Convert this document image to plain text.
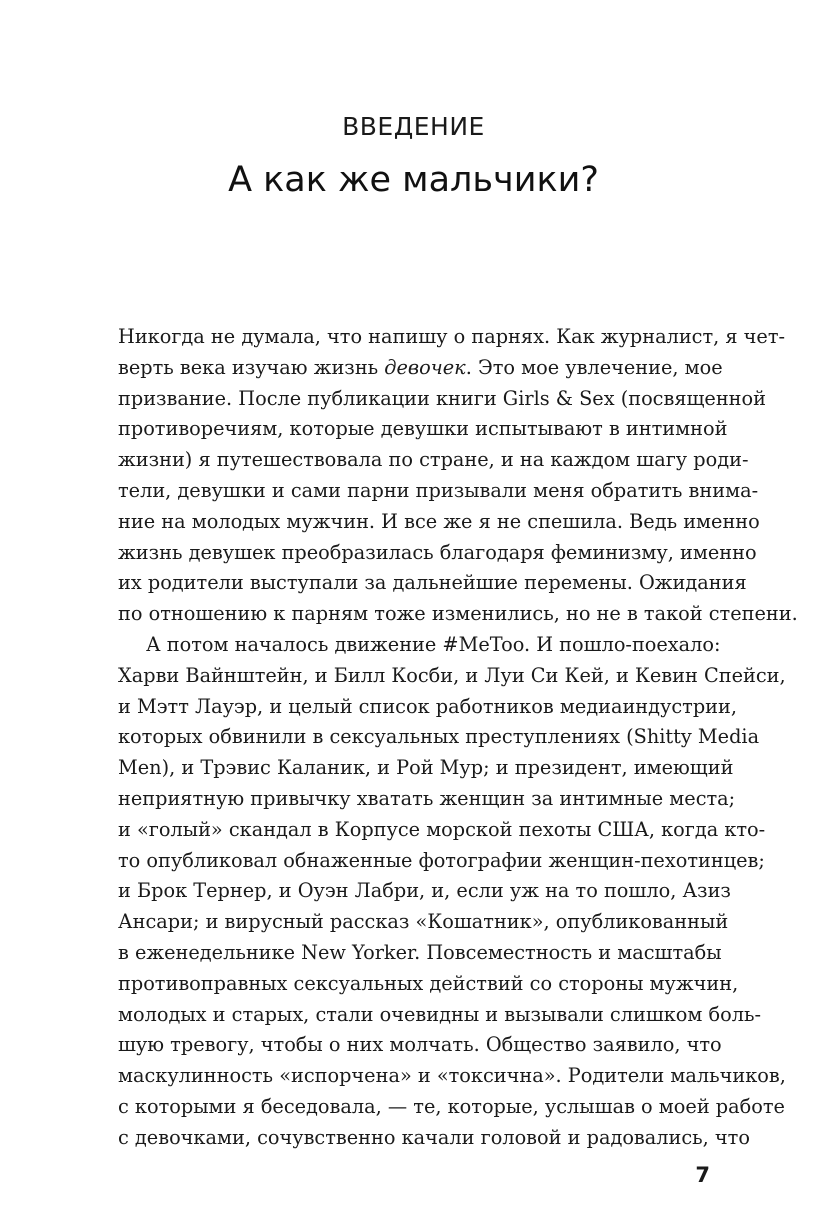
ВВЕДЕНИЕ
А как же мальчики?
Никогда не думала, что напишу о парнях. Как журналист, я чет-
верть века изучаю жизнь девочек. Это мое увлечение, мое
призвание. После публикации книги Girls & Sex (посвященной
противоречиям, которые девушки испытывают в интимной
жизни) я путешествовала по стране, и на каждом шагу роди-
тели, девушки и сами парни призывали меня обратить внима-
ние на молодых мужчин. И все же я не спешила. Ведь именно
жизнь девушек преобразилась благодаря феминизму, именно
их родители выступали за дальнейшие перемены. Ожидания
по отношению к парням тоже изменились, но не в такой степени.
А потом началось движение #MeToo. И пошло-поехало:
Харви Вайнштейн, и Билл Косби, и Луи Си Кей, и Кевин Спейси,
и Мэтт Лауэр, и целый список работников медиаиндустрии,
которых обвинили в сексуальных преступлениях (Shitty Media
Men), и Трэвис Каланик, и Рой Мур; и президент, имеющий
неприятную привычку хватать женщин за интимные места;
и «голый» скандал в Корпусе морской пехоты США, когда кто-
то опубликовал обнаженные фотографии женщин-пехотинцев;
и Брок Тернер, и Оуэн Лабри, и, если уж на то пошло, Азиз
Ансари; и вирусный рассказ «Кошатник», опубликованный
в еженедельнике New Yorker. Повсеместность и масштабы
противоправных сексуальных действий со стороны мужчин,
молодых и старых, стали очевидны и вызывали слишком боль-
шую тревогу, чтобы о них молчать. Общество заявило, что
маскулинность «испорчена» и «токсична». Родители мальчиков,
с которыми я беседовала, — те, которые, услышав о моей работе
с девочками, сочувственно качали головой и радовались, что
7
